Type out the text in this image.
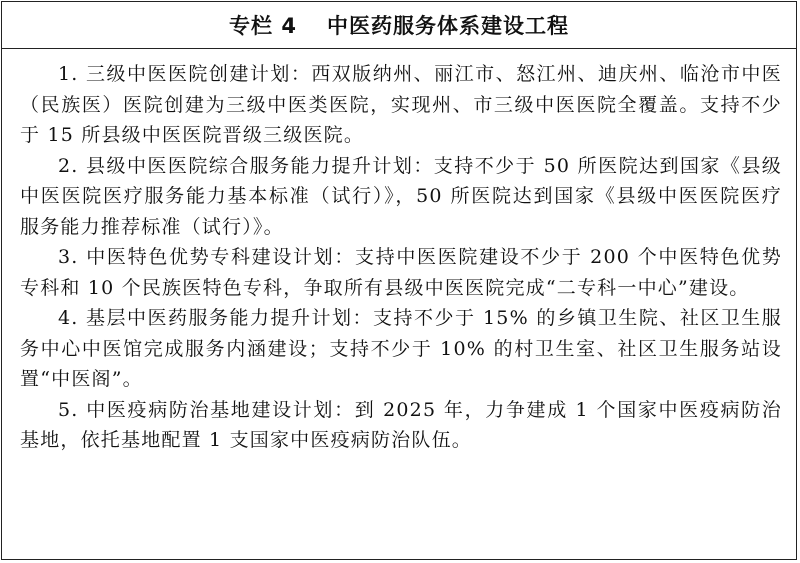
专栏 4 中医药服务体系建设工程

1. 三级中医医院创建计划：西双版纳州、丽江市、怒江州、迪庆州、临沧市中医（民族医）医院创建为三级中医类医院，实现州、市三级中医医院全覆盖。支持不少于 15 所县级中医医院晋级三级医院。

2. 县级中医医院综合服务能力提升计划：支持不少于 50 所医院达到国家《县级中医医院医疗服务能力基本标准（试行）》，50 所医院达到国家《县级中医医院医疗服务能力推荐标准（试行）》。

3. 中医特色优势专科建设计划：支持中医医院建设不少于 200 个中医特色优势专科和 10 个民族医特色专科，争取所有县级中医医院完成“二专科一中心”建设。

4. 基层中医药服务能力提升计划：支持不少于 15% 的乡镇卫生院、社区卫生服务中心中医馆完成服务内涵建设；支持不少于 10% 的村卫生室、社区卫生服务站设置“中医阁”。

5. 中医疫病防治基地建设计划：到 2025 年，力争建成 1 个国家中医疫病防治基地，依托基地配置 1 支国家中医疫病防治队伍。
